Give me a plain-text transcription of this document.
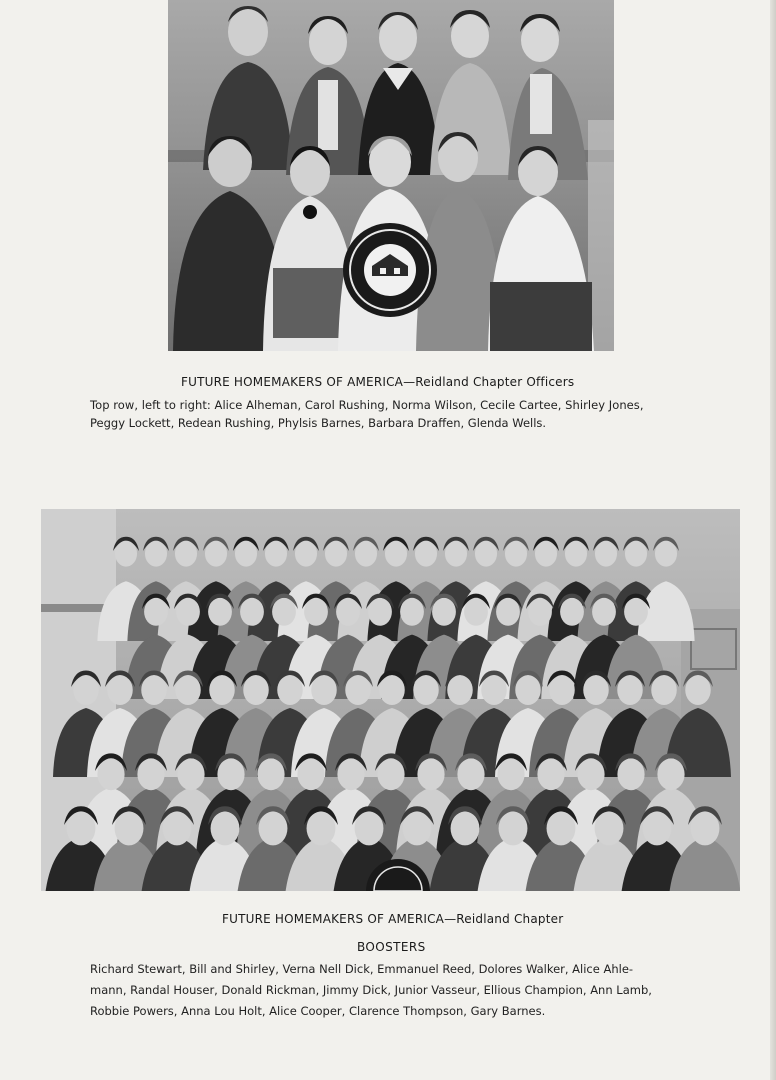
FUTURE HOMEMAKERS OF AMERICA—Reidland Chapter Officers
Top row, left to right: Alice Alheman, Carol Rushing, Norma Wilson, Cecile Cartee, Shirley Jones,
Peggy Lockett, Redean Rushing, Phylsis Barnes, Barbara Draffen, Glenda Wells.
FUTURE HOMEMAKERS OF AMERICA—Reidland Chapter
BOOSTERS
Richard Stewart, Bill and Shirley, Verna Nell Dick, Emmanuel Reed, Dolores Walker, Alice Ahle-
mann, Randal Houser, Donald Rickman, Jimmy Dick, Junior Vasseur, Ellious Champion, Ann Lamb,
Robbie Powers, Anna Lou Holt, Alice Cooper, Clarence Thompson, Gary Barnes.
